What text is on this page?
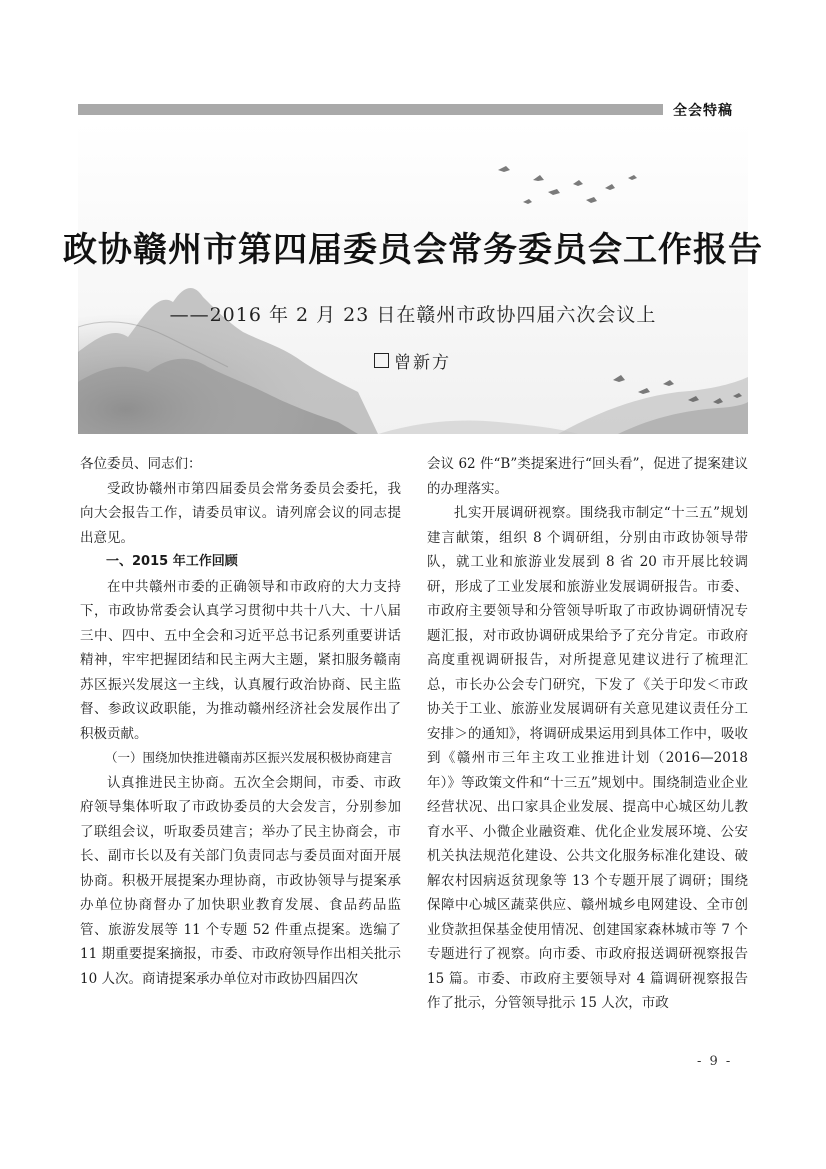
全会特稿
政协赣州市第四届委员会常务委员会工作报告
——2016 年 2 月 23 日在赣州市政协四届六次会议上
曾新方

各位委员、同志们：

受政协赣州市第四届委员会常务委员会委托，我向大会报告工作，请委员审议。请列席会议的同志提出意见。

一、2015 年工作回顾

在中共赣州市委的正确领导和市政府的大力支持下，市政协常委会认真学习贯彻中共十八大、十八届三中、四中、五中全会和习近平总书记系列重要讲话精神，牢牢把握团结和民主两大主题，紧扣服务赣南苏区振兴发展这一主线，认真履行政治协商、民主监督、参政议政职能，为推动赣州经济社会发展作出了积极贡献。

（一）围绕加快推进赣南苏区振兴发展积极协商建言

认真推进民主协商。五次全会期间，市委、市政府领导集体听取了市政协委员的大会发言，分别参加了联组会议，听取委员建言；举办了民主协商会，市长、副市长以及有关部门负责同志与委员面对面开展协商。积极开展提案办理协商，市政协领导与提案承办单位协商督办了加快职业教育发展、食品药品监管、旅游发展等 11 个专题 52 件重点提案。选编了 11 期重要提案摘报，市委、市政府领导作出相关批示 10 人次。商请提案承办单位对市政协四届四次

会议 62 件“B”类提案进行“回头看”，促进了提案建议的办理落实。

扎实开展调研视察。围绕我市制定“十三五”规划建言献策，组织 8 个调研组，分别由市政协领导带队，就工业和旅游业发展到 8 省 20 市开展比较调研，形成了工业发展和旅游业发展调研报告。市委、市政府主要领导和分管领导听取了市政协调研情况专题汇报，对市政协调研成果给予了充分肯定。市政府高度重视调研报告，对所提意见建议进行了梳理汇总，市长办公会专门研究，下发了《关于印发＜市政协关于工业、旅游业发展调研有关意见建议责任分工安排＞的通知》，将调研成果运用到具体工作中，吸收到《赣州市三年主攻工业推进计划（2016—2018 年）》等政策文件和“十三五”规划中。围绕制造业企业经营状况、出口家具企业发展、提高中心城区幼儿教育水平、小微企业融资难、优化企业发展环境、公安机关执法规范化建设、公共文化服务标准化建设、破解农村因病返贫现象等 13 个专题开展了调研；围绕保障中心城区蔬菜供应、赣州城乡电网建设、全市创业贷款担保基金使用情况、创建国家森林城市等 7 个专题进行了视察。向市委、市政府报送调研视察报告 15 篇。市委、市政府主要领导对 4 篇调研视察报告作了批示，分管领导批示 15 人次，市政

- 9 -
